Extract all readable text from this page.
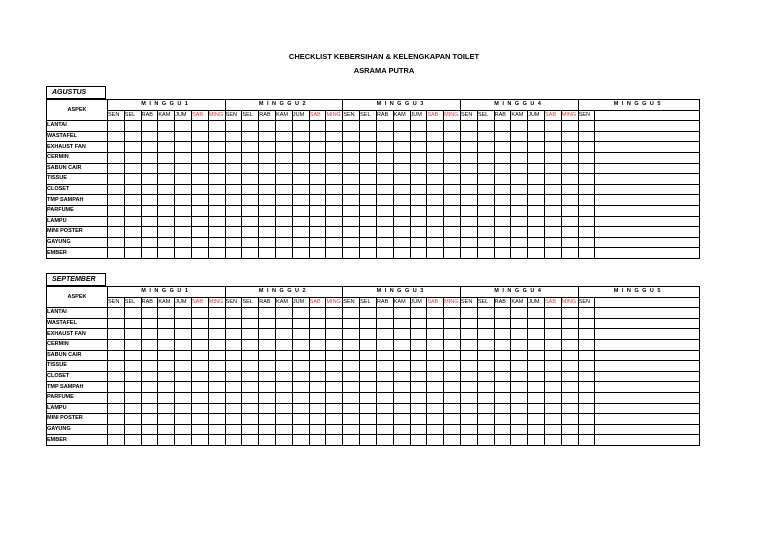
CHECKLIST KEBERSIHAN & KELENGKAPAN TOILET
ASRAMA PUTRA
AGUSTUS
ASPEK	MINGGU1							MINGGU2							MINGGU3							MINGGU4							MINGGU5	
	SEN	SEL	RAB	KAM	JUM	SAB	MING	SEN	SEL	RAB	KAM	JUM	SAB	MING	SEN	SEL	RAB	KAM	JUM	SAB	MING	SEN	SEL	RAB	KAM	JUM	SAB	MING	SEN	
LANTAI																														
WASTAFEL																														
EXHAUST FAN																														
CERMIN																														
SABUN CAIR																														
TISSUE																														
CLOSET																														
TMP SAMPAH																														
PARFUME																														
LAMPU																														
MINI POSTER																														
GAYUNG																														
EMBER																														
SEPTEMBER
ASPEK	MINGGU1							MINGGU2							MINGGU3							MINGGU4							MINGGU5	
	SEN	SEL	RAB	KAM	JUM	SAB	MING	SEN	SEL	RAB	KAM	JUM	SAB	MING	SEN	SEL	RAB	KAM	JUM	SAB	MING	SEN	SEL	RAB	KAM	JUM	SAB	MING	SEN	
LANTAI																														
WASTAFEL																														
EXHAUST FAN																														
CERMIN																														
SABUN CAIR																														
TISSUE																														
CLOSET																														
TMP SAMPAH																														
PARFUME																														
LAMPU																														
MINI POSTER																														
GAYUNG																														
EMBER																														
